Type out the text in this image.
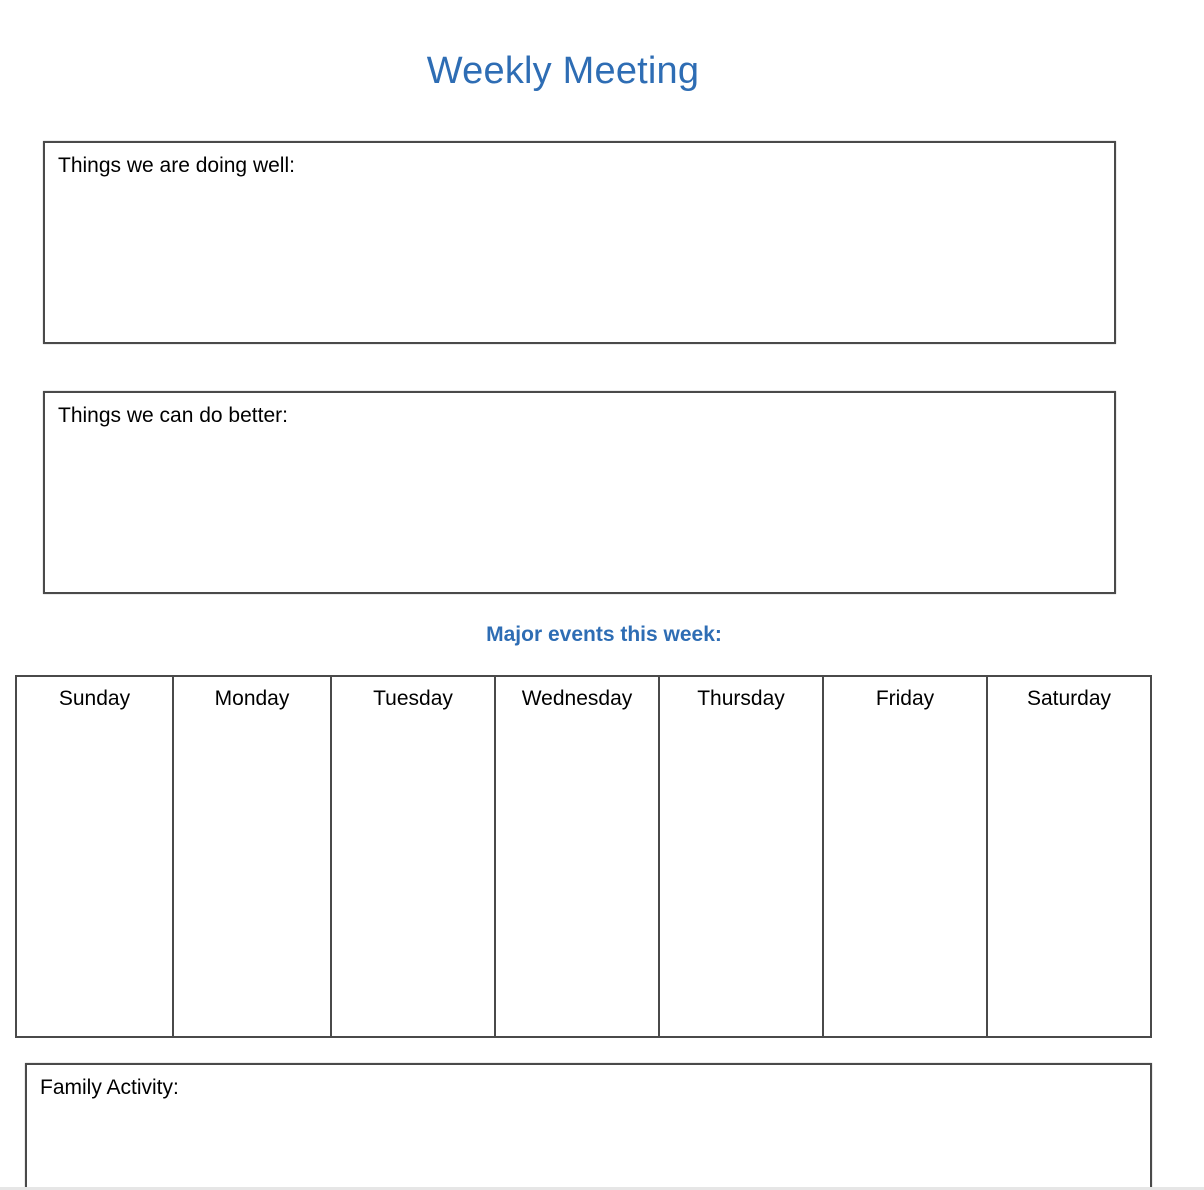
Weekly Meeting
Things we are doing well:
Things we can do better:
Major events this week:
Sunday	Monday	Tuesday	Wednesday	Thursday	Friday	Saturday
Family Activity:
